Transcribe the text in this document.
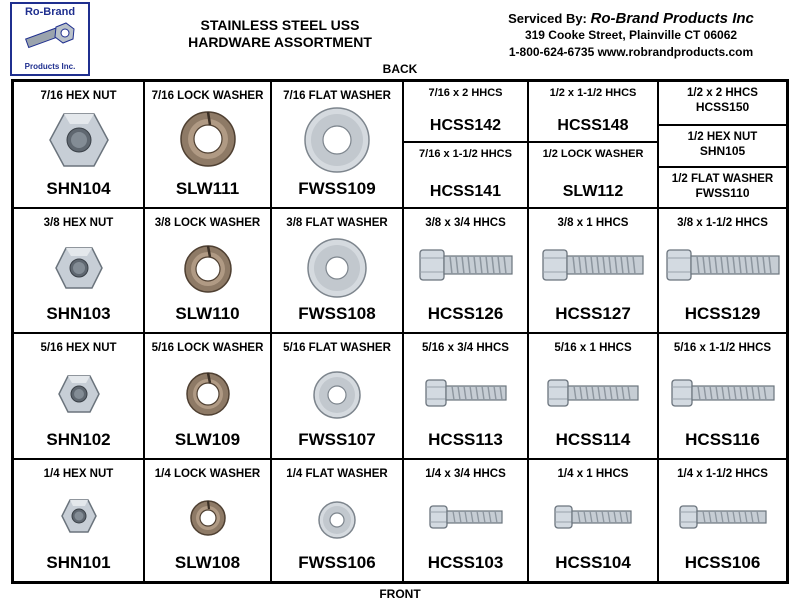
Ro-Brand
Products Inc.
STAINLESS STEEL USS
HARDWARE ASSORTMENT
Serviced By: Ro-Brand Products Inc
319 Cooke Street, Plainville CT 06062
1-800-624-6735 www.robrandproducts.com
BACK
FRONT
7/16 HEX NUT
SHN104
7/16 LOCK WASHER
SLW111
7/16 FLAT WASHER
FWSS109
7/16 x 2 HHCS
HCSS142
7/16 x 1-1/2 HHCS
HCSS141
1/2 x 1-1/2 HHCS
HCSS148
1/2 LOCK WASHER
SLW112
1/2 x 2 HHCS
HCSS150
1/2 HEX NUT
SHN105
1/2 FLAT WASHER
FWSS110
3/8 HEX NUT
SHN103
3/8 LOCK WASHER
SLW110
3/8 FLAT WASHER
FWSS108
3/8 x 3/4 HHCS
HCSS126
3/8 x 1 HHCS
HCSS127
3/8 x 1-1/2 HHCS
HCSS129
5/16 HEX NUT
SHN102
5/16 LOCK WASHER
SLW109
5/16 FLAT WASHER
FWSS107
5/16 x 3/4 HHCS
HCSS113
5/16 x 1 HHCS
HCSS114
5/16 x 1-1/2 HHCS
HCSS116
1/4 HEX NUT
SHN101
1/4 LOCK WASHER
SLW108
1/4 FLAT WASHER
FWSS106
1/4 x 3/4 HHCS
HCSS103
1/4 x 1 HHCS
HCSS104
1/4 x 1-1/2 HHCS
HCSS106
